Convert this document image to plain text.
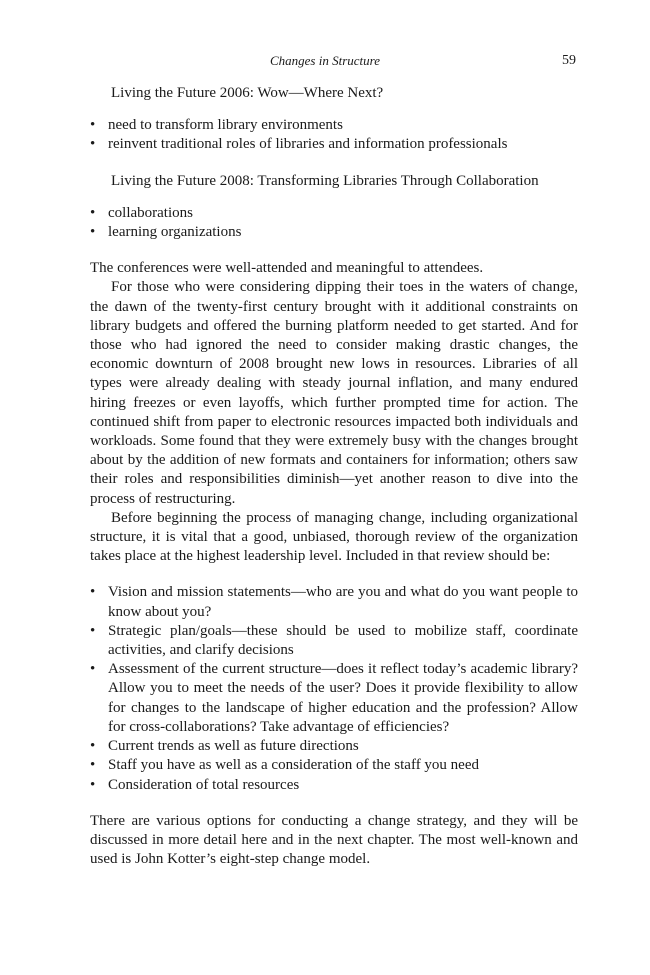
Changes in Structure	59

Living the Future 2006: Wow—Where Next?

• need to transform library environments
• reinvent traditional roles of libraries and information professionals

Living the Future 2008: Transforming Libraries Through Collaboration

• collaborations
• learning organizations

The conferences were well-attended and meaningful to attendees.

For those who were considering dipping their toes in the waters of change, the dawn of the twenty-first century brought with it additional constraints on library budgets and offered the burning platform needed to get started. And for those who had ignored the need to consider making drastic changes, the economic downturn of 2008 brought new lows in resources. Libraries of all types were already dealing with steady journal inflation, and many endured hiring freezes or even layoffs, which further prompted time for action. The continued shift from paper to electronic resources impacted both individuals and workloads. Some found that they were extremely busy with the changes brought about by the addition of new formats and containers for information; others saw their roles and responsibilities diminish—yet another reason to dive into the process of restructuring.

Before beginning the process of managing change, including organizational structure, it is vital that a good, unbiased, thorough review of the organization takes place at the highest leadership level. Included in that review should be:

• Vision and mission statements—who are you and what do you want people to know about you?
• Strategic plan/goals—these should be used to mobilize staff, coordinate activities, and clarify decisions
• Assessment of the current structure—does it reflect today’s academic library? Allow you to meet the needs of the user? Does it provide flexibility to allow for changes to the landscape of higher education and the profession? Allow for cross-collaborations? Take advantage of efficiencies?
• Current trends as well as future directions
• Staff you have as well as a consideration of the staff you need
• Consideration of total resources

There are various options for conducting a change strategy, and they will be discussed in more detail here and in the next chapter. The most well-known and used is John Kotter’s eight-step change model.
